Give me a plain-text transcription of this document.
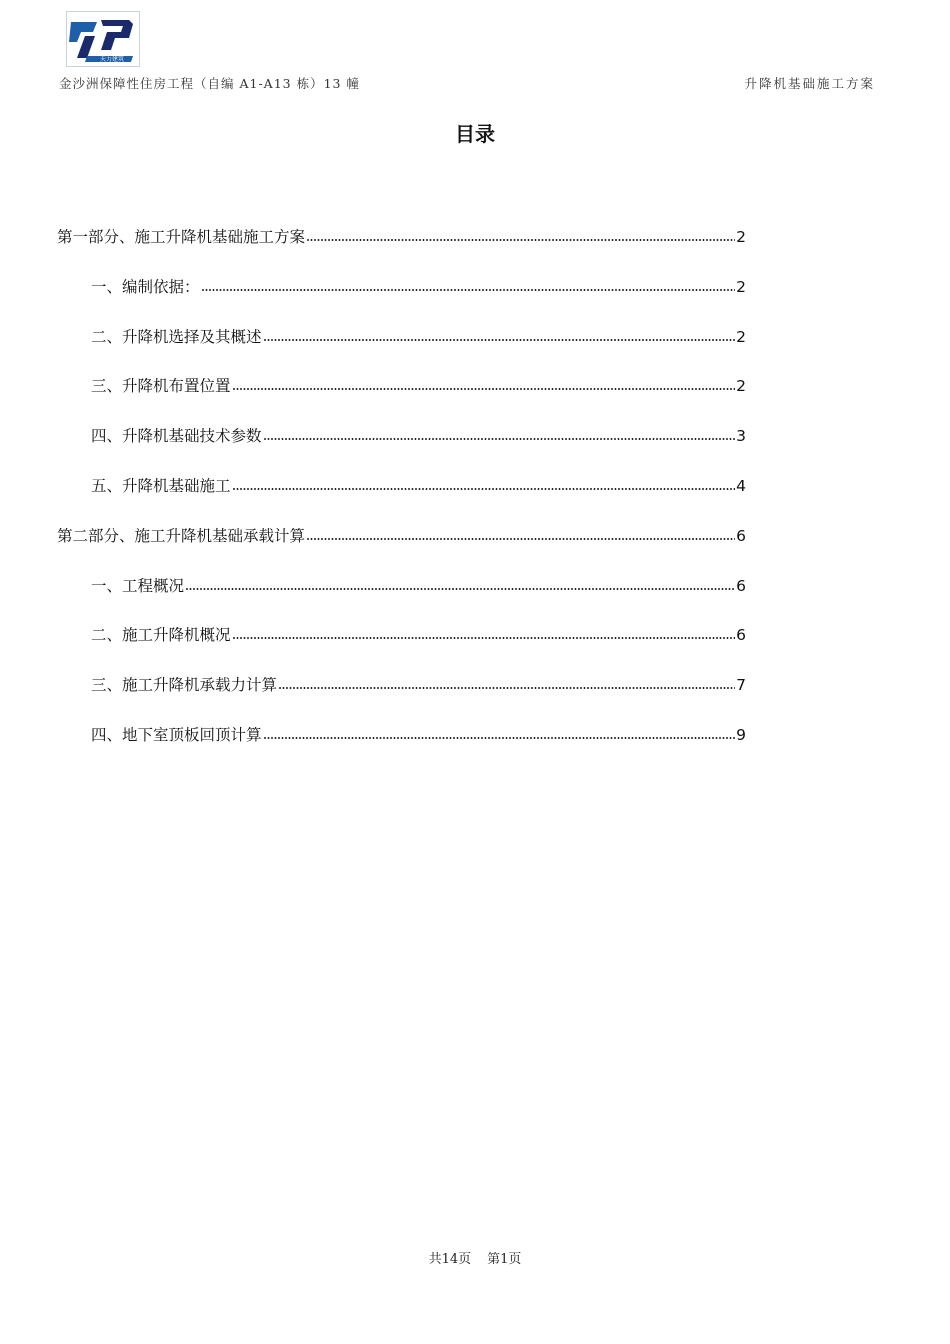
天力建筑
金沙洲保障性住房工程（自编 A1-A13 栋）13 幢	升降机基础施工方案
目录
第一部分、施工升降机基础施工方案	2
一、编制依据：	2
二、升降机选择及其概述	2
三、升降机布置位置	2
四、升降机基础技术参数	3
五、升降机基础施工	4
第二部分、施工升降机基础承载计算	6
一、工程概况	6
二、施工升降机概况	6
三、施工升降机承载力计算	7
四、地下室顶板回顶计算	9
共14页 第1页
